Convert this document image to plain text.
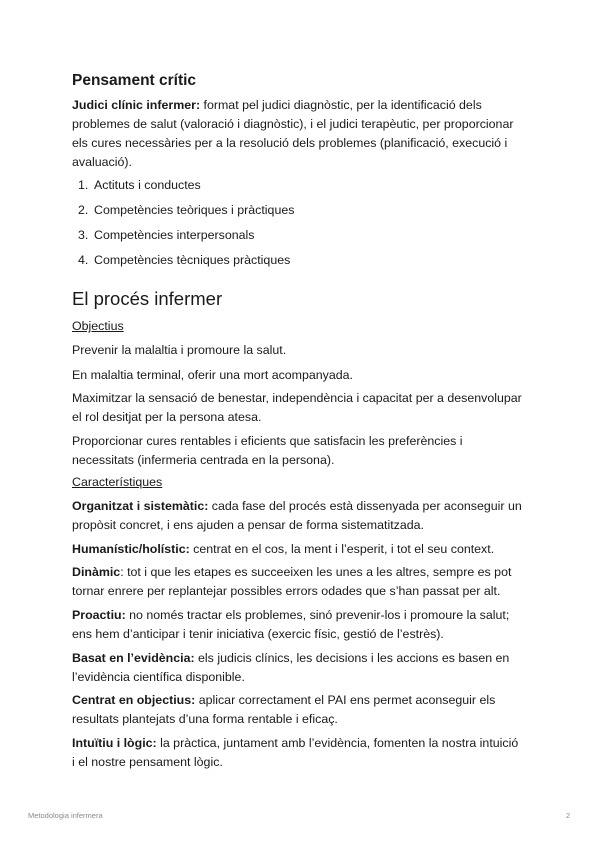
Pensament crític

Judici clínic infermer: format pel judici diagnòstic, per la identificació dels problemes de salut (valoració i diagnòstic), i el judici terapèutic, per proporcionar els cures necessàries per a la resolució dels problemes (planificació, execució i avaluació).

1. Actituts i conductes
2. Competències teòriques i pràctiques
3. Competències interpersonals
4. Competències tècniques pràctiques
El procés infermer
Objectius

Prevenir la malaltia i promoure la salut.

En malaltia terminal, oferir una mort acompanyada.

Maximitzar la sensació de benestar, independència i capacitat per a desenvolupar el rol desitjat per la persona atesa.

Proporcionar cures rentables i eficients que satisfacin les preferències i necessitats (infermeria centrada en la persona).

Característiques

Organitzat i sistemàtic: cada fase del procés està dissenyada per aconseguir un propòsit concret, i ens ajuden a pensar de forma sistematitzada.

Humanístic/holístic: centrat en el cos, la ment i l’esperit, i tot el seu context.

Dinàmic: tot i que les etapes es succeeixen les unes a les altres, sempre es pot tornar enrere per replantejar possibles errors odades que s’han passat per alt.

Proactiu: no només tractar els problemes, sinó prevenir-los i promoure la salut; ens hem d’anticipar i tenir iniciativa (exercic físic, gestió de l’estrès).

Basat en l’evidència: els judicis clínics, les decisions i les accions es basen en l’evidència científica disponible.

Centrat en objectius: aplicar correctament el PAI ens permet aconseguir els resultats plantejats d’una forma rentable i eficaç.

Intuïtiu i lògic: la pràctica, juntament amb l’evidència, fomenten la nostra intuició i el nostre pensament lògic.

Metodologia infermera	2
